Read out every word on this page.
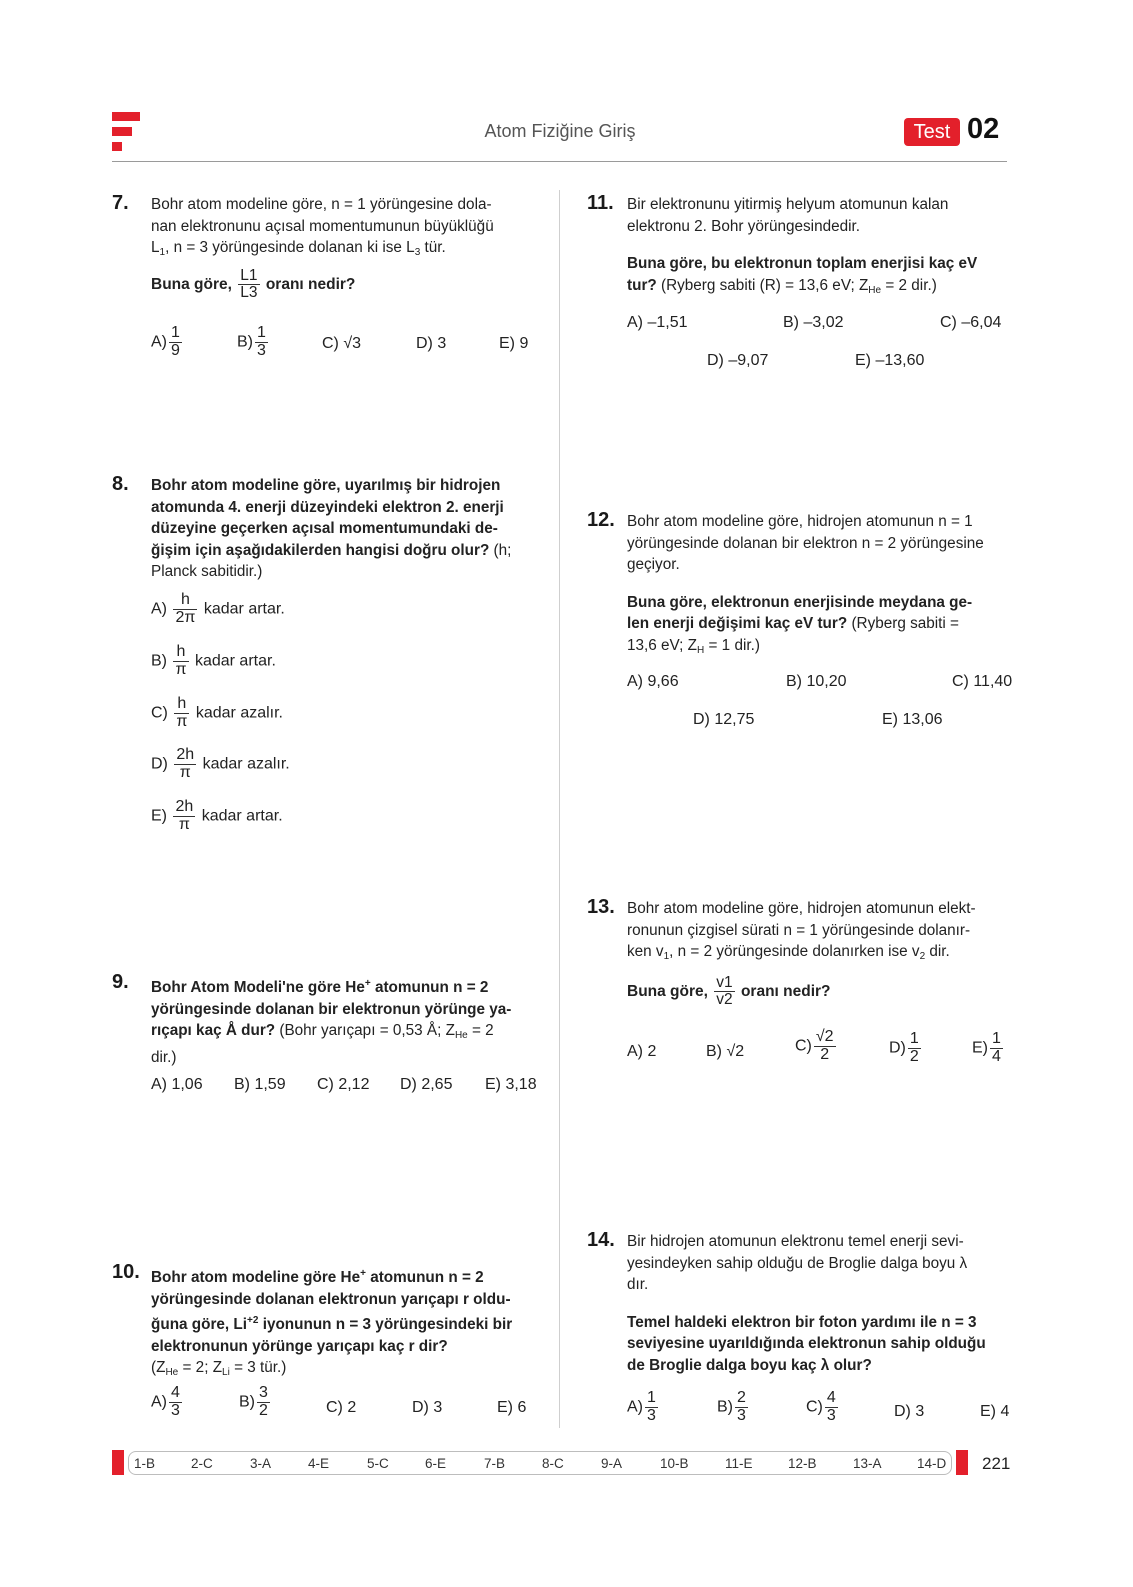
Atom Fiziğine Giriş	Test 02
7. Bohr atom modeline göre, n = 1 yörüngesine dola-
nan elektronunu açısal momentumunun büyüklüğü
$L_1$, n = 3 yörüngesinde dolanan ki ise $L_3$ tür.
Buna göre, $\frac{L1}{L3}$ oranı nedir?
$A) \frac{1}{9}$	$B) \frac{1}{3}$	C) √3	D) 3	E) 9
8. Bohr atom modeline göre, uyarılmış bir hidrojen
atomunda 4. enerji düzeyindeki elektron 2. enerji
düzeyine geçerken açısal momentumundaki de-
ğişim için aşağıdakilerden hangisi doğru olur? (h;
Planck sabitidir.)
$A) \frac{h}{2\pi}$ kadar artar.
$B) \frac{h}{\pi}$ kadar artar.
$C) \frac{h}{\pi}$ kadar azalır.
$D) \frac{2h}{\pi}$ kadar azalır.
$E) \frac{2h}{\pi}$ kadar artar.
9. Bohr Atom Modeli'ne göre He+ atomunun n = 2
yörüngesinde dolanan bir elektronun yörünge ya-
rıçapı kaç Å dur? (Bohr yarıçapı = 0,53 Å; $Z_{He} = 2$
dir.)
A) 1,06 B) 1,59 C) 2,12 D) 2,65 E) 3,18
10. Bohr atom modeline göre He+ atomunun n = 2
yörüngesinde dolanan elektronun yarıçapı r oldu-
ğuna göre, $Li^{+2}$ iyonunun n = 3 yörüngesindeki bir
elektronunun yörünge yarıçapı kaç r dir?
($Z_{He} = 2$; $Z_{Li} = 3$ tür.)
$A) \frac{4}{3}$	$B) \frac{3}{2}$	C) 2	D) 3	E) 6
11. Bir elektronunu yitirmiş helyum atomunun kalan
elektronu 2. Bohr yörüngesindedir.
Buna göre, bu elektronun toplam enerjisi kaç eV
tur? (Ryberg sabiti (R) = 13,6 eV; $Z_{He} = 2$ dir.)
A) –1,51	B) –3,02	C) –6,04
D) –9,07	E) –13,60
12. Bohr atom modeline göre, hidrojen atomunun n = 1
yörüngesinde dolanan bir elektron n = 2 yörüngesine
geçiyor.
Buna göre, elektronun enerjisinde meydana ge-
len enerji değişimi kaç eV tur? (Ryberg sabiti =
13,6 eV; $Z_H = 1$ dir.)
A) 9,66	B) 10,20	C) 11,40
D) 12,75	E) 13,06
13. Bohr atom modeline göre, hidrojen atomunun elekt-
ronunun çizgisel sürati n = 1 yörüngesinde dolanır-
ken $v_1$, n = 2 yörüngesinde dolanırken ise $v_2$ dir.
Buna göre, $\frac{v1}{v2}$ oranı nedir?
A) 2	B) √2	$C) \frac{√2}{2}$	$D) \frac{1}{2}$	$E) \frac{1}{4}$
14. Bir hidrojen atomunun elektronu temel enerji sevi-
yesindeyken sahip olduğu de Broglie dalga boyu λ
dır.
Temel haldeki elektron bir foton yardımı ile n = 3
seviyesine uyarıldığında elektronun sahip olduğu
de Broglie dalga boyu kaç λ olur?
$A) \frac{1}{3}$	$B) \frac{2}{3}$	$C) \frac{4}{3}$	D) 3	E) 4
1-B	2-C	3-A	4-E	5-C	6-E	7-B	8-C	9-A	10-B	11-E	12-B	13-A	14-D 221
